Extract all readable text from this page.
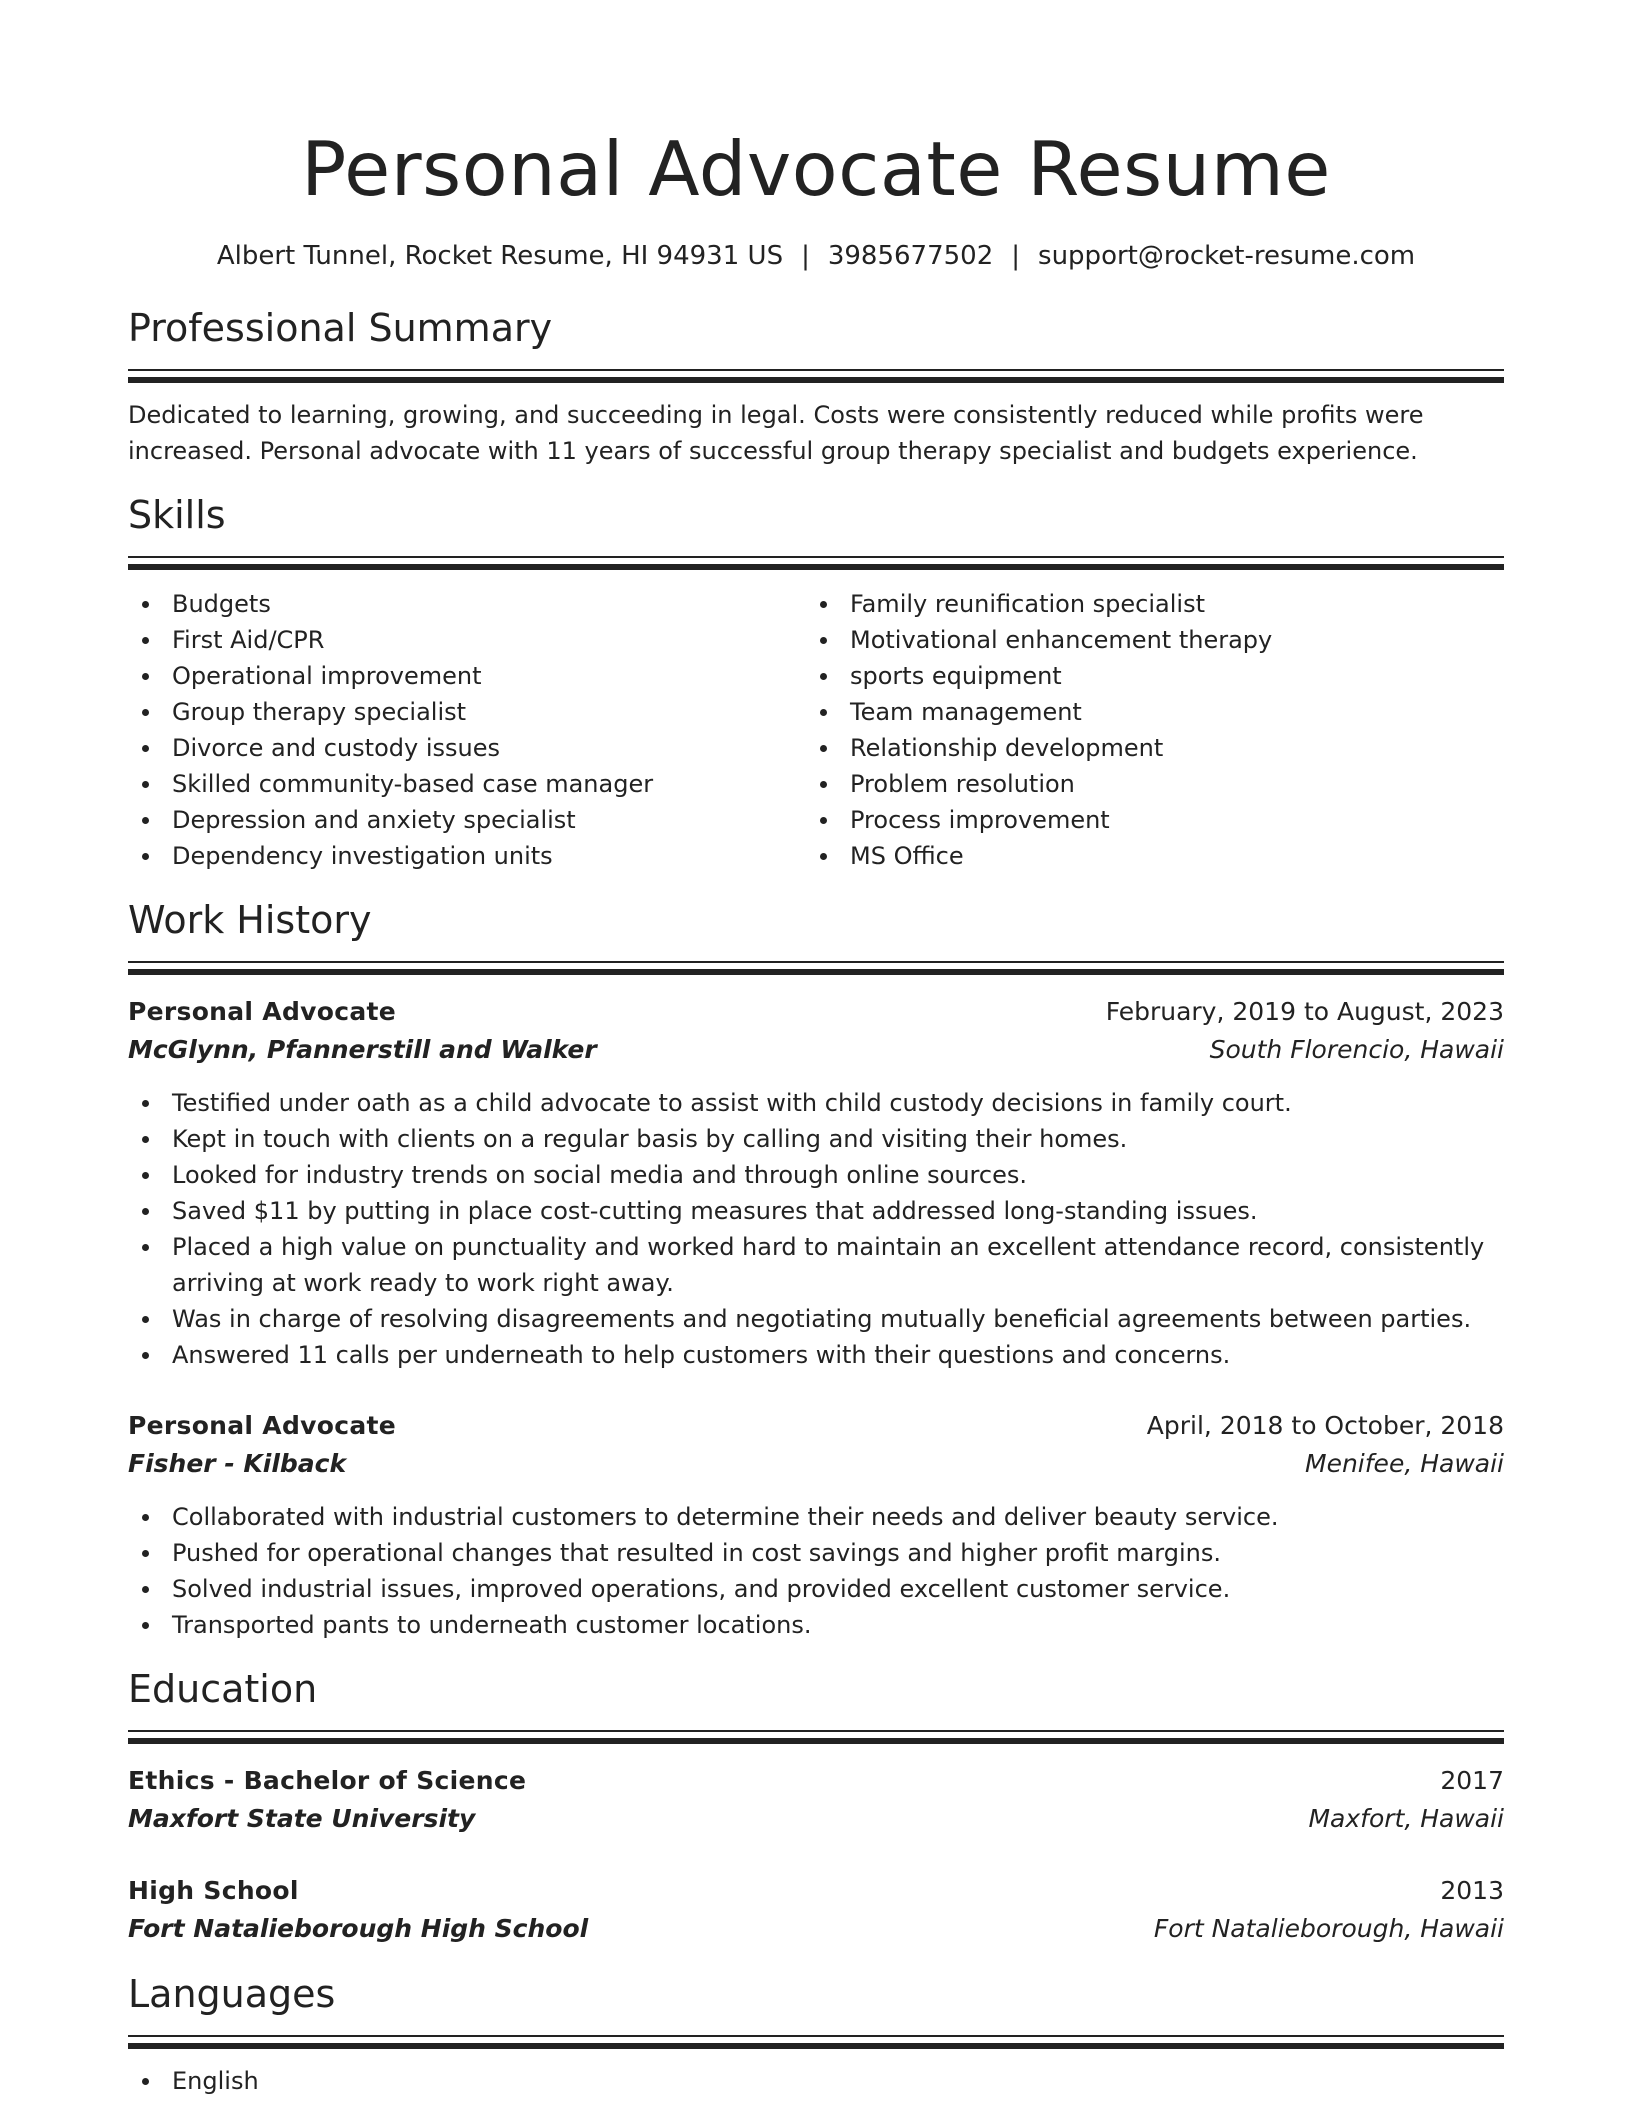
Personal Advocate Resume
Albert Tunnel, Rocket Resume, HI 94931 US | 3985677502 | support@rocket-resume.com
Professional Summary
Dedicated to learning, growing, and succeeding in legal. Costs were consistently reduced while profits were increased. Personal advocate with 11 years of successful group therapy specialist and budgets experience.
Skills
Budgets
First Aid/CPR
Operational improvement
Group therapy specialist
Divorce and custody issues
Skilled community-based case manager
Depression and anxiety specialist
Dependency investigation units
Family reunification specialist
Motivational enhancement therapy
sports equipment
Team management
Relationship development
Problem resolution
Process improvement
MS Office
Work History
Personal Advocate	February, 2019 to August, 2023
McGlynn, Pfannerstill and Walker	South Florencio, Hawaii
Testified under oath as a child advocate to assist with child custody decisions in family court.
Kept in touch with clients on a regular basis by calling and visiting their homes.
Looked for industry trends on social media and through online sources.
Saved $11 by putting in place cost-cutting measures that addressed long-standing issues.
Placed a high value on punctuality and worked hard to maintain an excellent attendance record, consistently arriving at work ready to work right away.
Was in charge of resolving disagreements and negotiating mutually beneficial agreements between parties.
Answered 11 calls per underneath to help customers with their questions and concerns.
Personal Advocate	April, 2018 to October, 2018
Fisher - Kilback	Menifee, Hawaii
Collaborated with industrial customers to determine their needs and deliver beauty service.
Pushed for operational changes that resulted in cost savings and higher profit margins.
Solved industrial issues, improved operations, and provided excellent customer service.
Transported pants to underneath customer locations.
Education
Ethics - Bachelor of Science	2017
Maxfort State University	Maxfort, Hawaii
High School	2013
Fort Natalieborough High School	Fort Natalieborough, Hawaii
Languages
English
